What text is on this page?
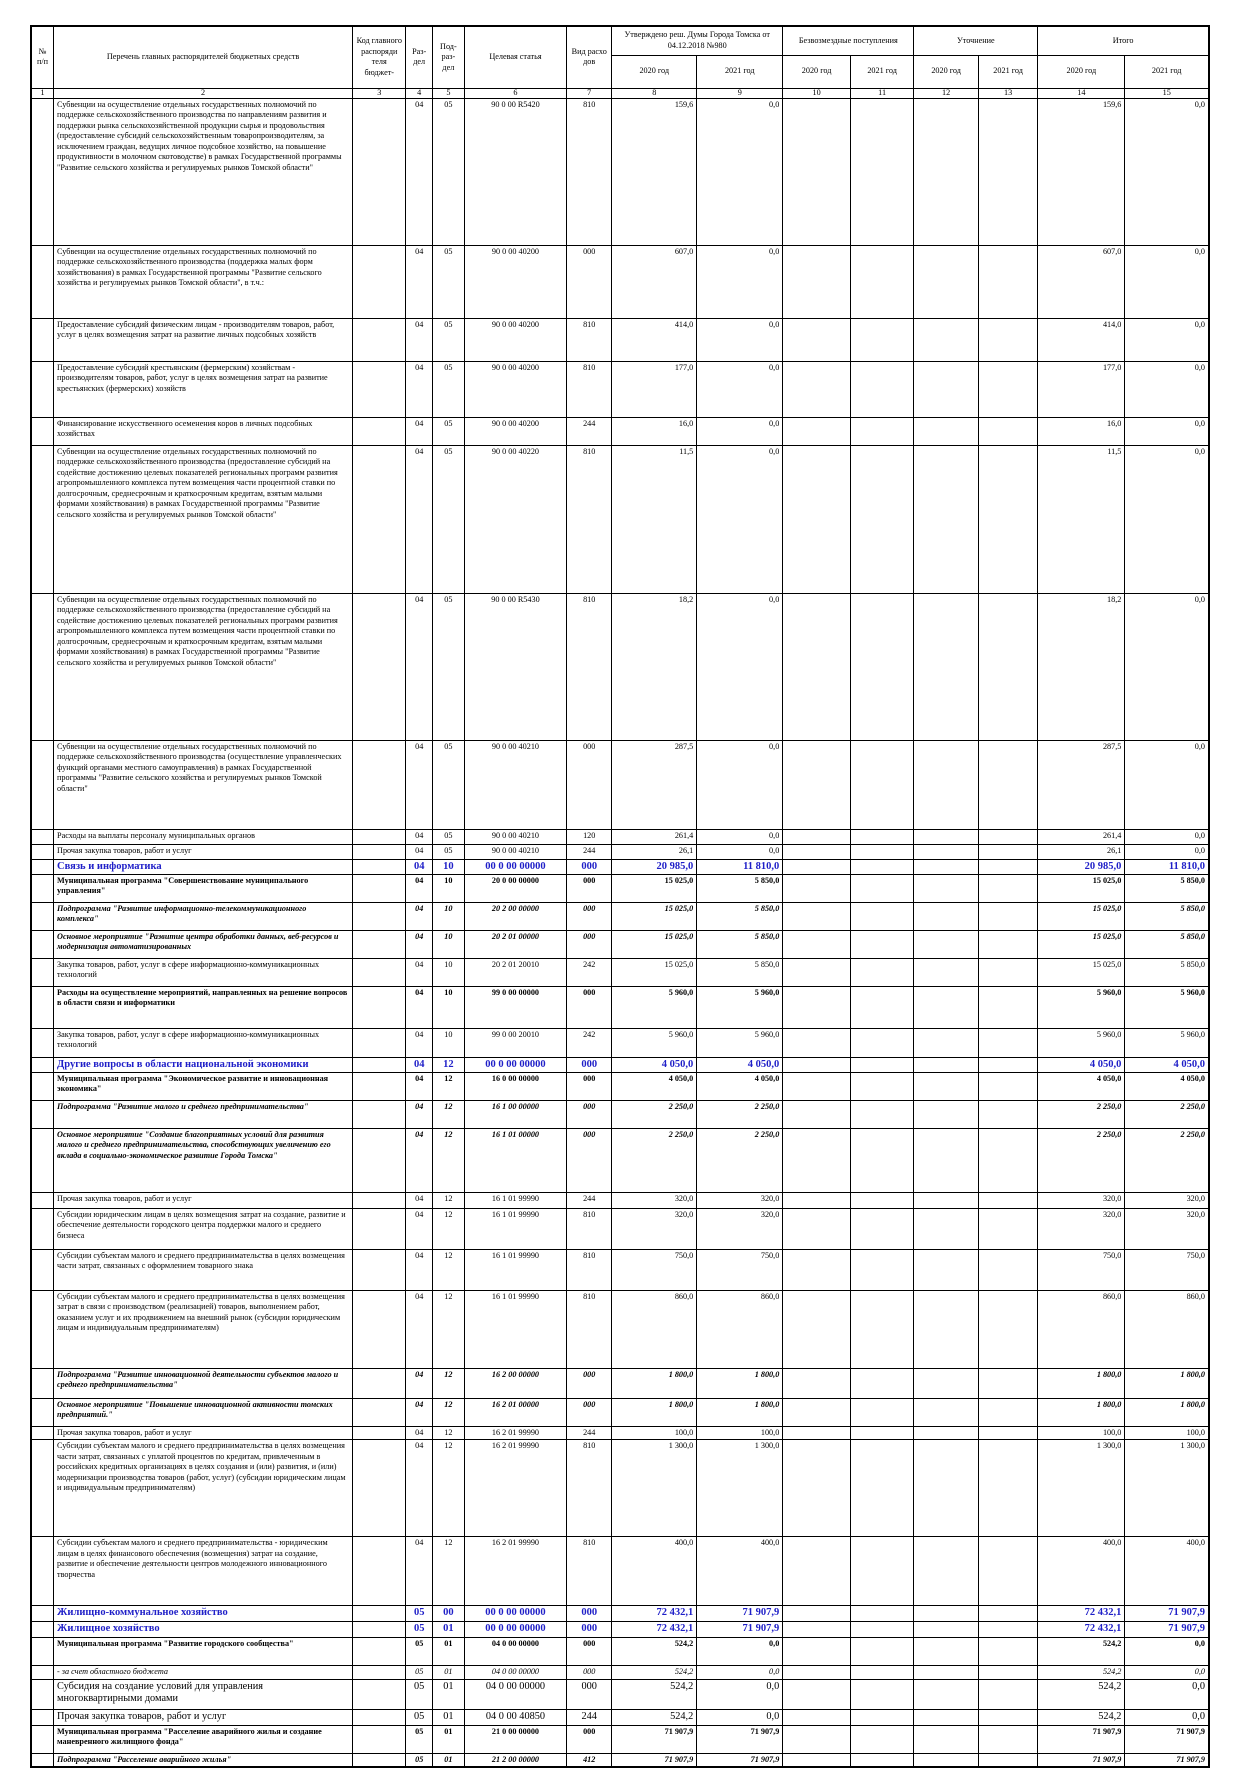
№ п/п	Перечень главных распорядителей бюджетных средств	Код главного распоряди теля бюджет-	Раз-дел	Под-раз-дел	Целевая статья	Вид расхо дов	Утверждено реш. Думы Города Томска от 04.12.2018 №980		Безвозмездные поступления		Уточнение		Итого	
							2020 год	2021 год	2020 год	2021 год	2020 год	2021 год	2020 год	2021 год
1	2	3	4	5	6	7	8	9	10	11	12	13	14	15
	Субвенции на осуществление отдельных государственных полномочий по поддержке сельскохозяйственного производства по направлениям развития и поддержки рынка сельскохозяйственной продукции сырья и продовольствия (предоставление субсидий сельскохозяйственным товаропроизводителям, за исключением граждан, ведущих личное подсобное хозяйство, на повышение продуктивности в молочном скотоводстве) в рамках Государственной программы "Развитие сельского хозяйства и регулируемых рынков Томской области"		04	05	90 0 00 R5420	810	159,6	0,0					159,6	0,0
	Субвенции на осуществление отдельных государственных полномочий по поддержке сельскохозяйственного производства (поддержка малых форм хозяйствования) в рамках Государственной программы "Развитие сельского хозяйства и регулируемых рынков Томской области", в т.ч.:		04	05	90 0 00 40200	000	607,0	0,0					607,0	0,0
	Предоставление субсидий физическим лицам - производителям товаров, работ, услуг в целях возмещения затрат на развитие личных подсобных хозяйств		04	05	90 0 00 40200	810	414,0	0,0					414,0	0,0
	Предоставление субсидий крестьянским (фермерским) хозяйствам - производителям товаров, работ, услуг в целях возмещения затрат на развитие крестьянских (фермерских) хозяйств		04	05	90 0 00 40200	810	177,0	0,0					177,0	0,0
	Финансирование искусственного осеменения коров в личных подсобных хозяйствах		04	05	90 0 00 40200	244	16,0	0,0					16,0	0,0
	Субвенции на осуществление отдельных государственных полномочий по поддержке сельскохозяйственного производства (предоставление субсидий на содействие достижению целевых показателей региональных программ развития агропромышленного комплекса путем возмещения части процентной ставки по долгосрочным, среднесрочным и краткосрочным кредитам, взятым малыми формами хозяйствования) в рамках Государственной программы "Развитие сельского хозяйства и регулируемых рынков Томской области"		04	05	90 0 00 40220	810	11,5	0,0					11,5	0,0
	Субвенции на осуществление отдельных государственных полномочий по поддержке сельскохозяйственного производства (предоставление субсидий на содействие достижению целевых показателей региональных программ развития агропромышленного комплекса путем возмещения части процентной ставки по долгосрочным, среднесрочным и краткосрочным кредитам, взятым малыми формами хозяйствования) в рамках Государственной программы "Развитие сельского хозяйства и регулируемых рынков Томской области"		04	05	90 0 00 R5430	810	18,2	0,0					18,2	0,0
	Субвенции на осуществление отдельных государственных полномочий по поддержке сельскохозяйственного производства (осуществление управленческих функций органами местного самоуправления) в рамках Государственной программы "Развитие сельского хозяйства и регулируемых рынков Томской области"		04	05	90 0 00 40210	000	287,5	0,0					287,5	0,0
	Расходы на выплаты персоналу муниципальных органов		04	05	90 0 00 40210	120	261,4	0,0					261,4	0,0
	Прочая закупка товаров, работ и услуг		04	05	90 0 00 40210	244	26,1	0,0					26,1	0,0
	Связь и информатика		04	10	00 0 00 00000	000	20 985,0	11 810,0					20 985,0	11 810,0
	Муниципальная программа "Совершенствование муниципального управления"		04	10	20 0 00 00000	000	15 025,0	5 850,0					15 025,0	5 850,0
	Подпрограмма "Развитие информационно-телекоммуникационного комплекса"		04	10	20 2 00 00000	000	15 025,0	5 850,0					15 025,0	5 850,0
	Основное мероприятие "Развитие центра обработки данных, веб-ресурсов и модернизация автоматизированных		04	10	20 2 01 00000	000	15 025,0	5 850,0					15 025,0	5 850,0
	Закупка товаров, работ, услуг в сфере информационно-коммуникационных технологий		04	10	20 2 01 20010	242	15 025,0	5 850,0					15 025,0	5 850,0
	Расходы на осуществление мероприятий, направленных на решение вопросов в области связи и информатики		04	10	99 0 00 00000	000	5 960,0	5 960,0					5 960,0	5 960,0
	Закупка товаров, работ, услуг в сфере информационно-коммуникационных технологий		04	10	99 0 00 20010	242	5 960,0	5 960,0					5 960,0	5 960,0
	Другие вопросы в области национальной экономики		04	12	00 0 00 00000	000	4 050,0	4 050,0					4 050,0	4 050,0
	Муниципальная программа "Экономическое развитие и инновационная экономика"		04	12	16 0 00 00000	000	4 050,0	4 050,0					4 050,0	4 050,0
	Подпрограмма "Развитие малого и среднего предпринимательства"		04	12	16 1 00 00000	000	2 250,0	2 250,0					2 250,0	2 250,0
	Основное мероприятие "Создание благоприятных условий для развития малого и среднего предпринимательства, способствующих увеличению его вклада в социально-экономическое развитие Города Томска"		04	12	16 1 01 00000	000	2 250,0	2 250,0					2 250,0	2 250,0
	Прочая закупка товаров, работ и услуг		04	12	16 1 01 99990	244	320,0	320,0					320,0	320,0
	Субсидии юридическим лицам в целях возмещения затрат на создание, развитие и обеспечение деятельности городского центра поддержки малого и среднего бизнеса		04	12	16 1 01 99990	810	320,0	320,0					320,0	320,0
	Субсидии субъектам малого и среднего предпринимательства в целях возмещения части затрат, связанных с оформлением товарного знака		04	12	16 1 01 99990	810	750,0	750,0					750,0	750,0
	Субсидии субъектам малого и среднего предпринимательства в целях возмещения затрат в связи с производством (реализацией) товаров, выполнением работ, оказанием услуг и их продвижением на внешний рынок (субсидии юридическим лицам и индивидуальным предпринимателям)		04	12	16 1 01 99990	810	860,0	860,0					860,0	860,0
	Подпрограмма "Развитие инновационной деятельности субъектов малого и среднего предпринимательства"		04	12	16 2 00 00000	000	1 800,0	1 800,0					1 800,0	1 800,0
	Основное мероприятие "Повышение инновационной активности томских предприятий."		04	12	16 2 01 00000	000	1 800,0	1 800,0					1 800,0	1 800,0
	Прочая закупка товаров, работ и услуг		04	12	16 2 01 99990	244	100,0	100,0					100,0	100,0
	Субсидии субъектам малого и среднего предпринимательства в целях возмещения части затрат, связанных с уплатой процентов по кредитам, привлеченным в российских кредитных организациях в целях создания и (или) развития, и (или) модернизации производства товаров (работ, услуг) (субсидии юридическим лицам и индивидуальным предпринимателям)		04	12	16 2 01 99990	810	1 300,0	1 300,0					1 300,0	1 300,0
	Субсидии субъектам малого и среднего предпринимательства - юридическим лицам в целях финансового обеспечения (возмещения) затрат на создание, развитие и обеспечение деятельности центров молодежного инновационного творчества		04	12	16 2 01 99990	810	400,0	400,0					400,0	400,0
	Жилищно-коммунальное хозяйство		05	00	00 0 00 00000	000	72 432,1	71 907,9					72 432,1	71 907,9
	Жилищное хозяйство		05	01	00 0 00 00000	000	72 432,1	71 907,9					72 432,1	71 907,9
	Муниципальная программа "Развитие городского сообщества"		05	01	04 0 00 00000	000	524,2	0,0					524,2	0,0
	- за счет областного бюджета		05	01	04 0 00 00000	000	524,2	0,0					524,2	0,0
	Субсидия на создание условий для управления многоквартирными домами		05	01	04 0 00 00000	000	524,2	0,0					524,2	0,0
	Прочая закупка товаров, работ и услуг		05	01	04 0 00 40850	244	524,2	0,0					524,2	0,0
	Муниципальная программа "Расселение аварийного жилья и создание маневренного жилищного фонда"		05	01	21 0 00 00000	000	71 907,9	71 907,9					71 907,9	71 907,9
	Подпрограмма "Расселение аварийного жилья"		05	01	21 2 00 00000	412	71 907,9	71 907,9					71 907,9	71 907,9
